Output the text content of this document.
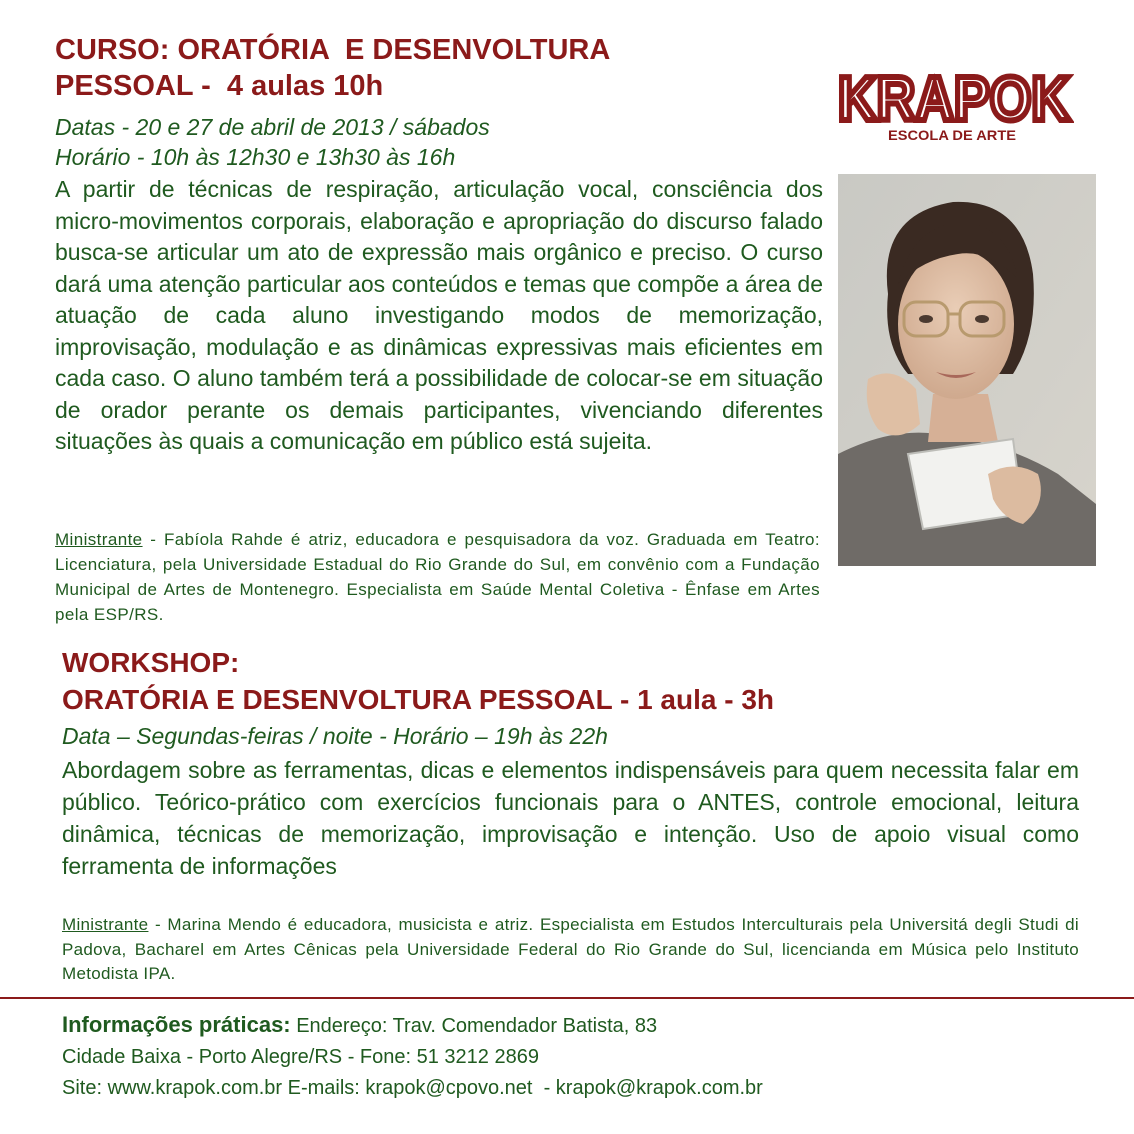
CURSO: ORATÓRIA  E DESENVOLTURA
PESSOAL -  4 aulas 10h
Datas - 20 e 27 de abril de 2013 / sábados
Horário - 10h às 12h30 e 13h30 às 16h
A partir de técnicas de respiração, articulação vocal, consciência dos micro-movimentos corporais, elaboração e apropriação do discurso falado busca-se articular um ato de expressão mais orgânico e preciso. O curso dará uma atenção particular aos conteúdos e temas que compõe a área de atuação de cada aluno investigando modos de memorização, improvisação, modulação e as dinâmicas expressivas mais eficientes em cada caso. O aluno também terá a possibilidade de colocar-se em situação de orador perante os demais participantes, vivenciando diferentes situações às quais a comunicação em público está sujeita.
Ministrante - Fabíola Rahde é atriz, educadora e pesquisadora da voz. Graduada em Teatro: Licenciatura, pela Universidade Estadual do Rio Grande do Sul, em convênio com a Fundação Municipal de Artes de Montenegro. Especialista em Saúde Mental Coletiva - Ênfase em Artes pela ESP/RS.
KRAPOK
ESCOLA DE ARTE
WORKSHOP:
ORATÓRIA E DESENVOLTURA PESSOAL - 1 aula - 3h
Data – Segundas-feiras / noite - Horário – 19h às 22h
Abordagem sobre as ferramentas, dicas e elementos indispensáveis para quem necessita falar em público. Teórico-prático com exercícios funcionais para o ANTES, controle emocional, leitura dinâmica, técnicas de memorização, improvisação e intenção. Uso de apoio visual como ferramenta de informações
Ministrante - Marina Mendo é educadora, musicista e atriz. Especialista em Estudos Interculturais pela Universitá degli Studi di Padova, Bacharel em Artes Cênicas pela Universidade Federal do Rio Grande do Sul, licencianda em Música pelo Instituto Metodista IPA.
Informações práticas: Endereço: Trav. Comendador Batista, 83
Cidade Baixa - Porto Alegre/RS - Fone: 51 3212 2869
Site: www.krapok.com.br E-mails: krapok@cpovo.net  - krapok@krapok.com.br
